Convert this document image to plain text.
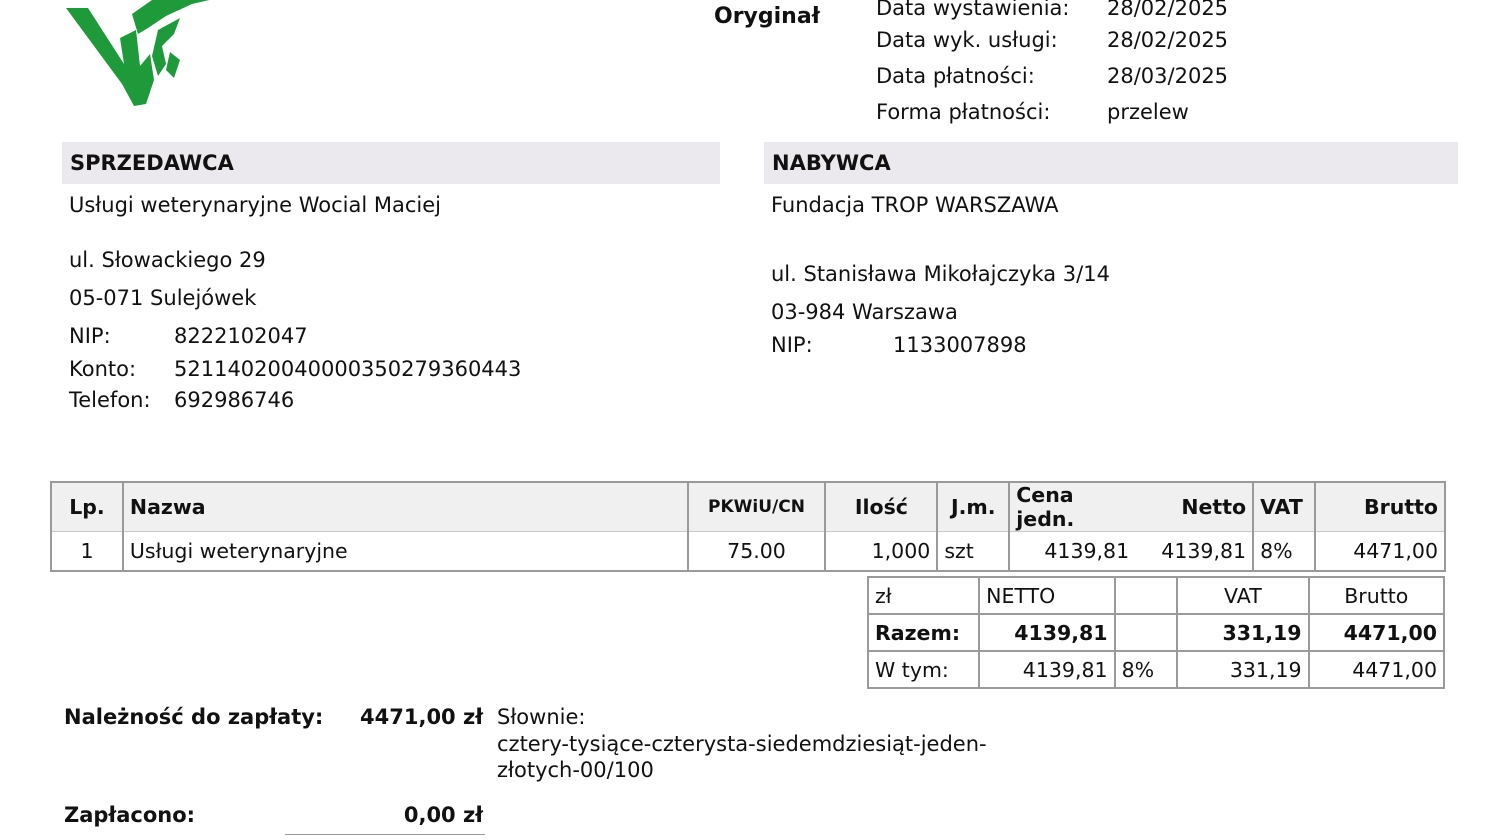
Oryginał	Data wystawienia: 28/02/2025
Data wyk. usługi: 28/02/2025
Data płatności:	28/03/2025
Forma płatności:	przelew
SPRZEDAWCA
Usługi weterynaryjne Wocial Maciej
ul. Słowackiego 29
05-071 Sulejówek
NIP:	8222102047
Konto: 52114020040000350279360443
Telefon: 692986746
NABYWCA
Fundacja TROP WARSZAWA
ul. Stanisława Mikołajczyka 3/14
03-984 Warszawa
NIP:	1133007898
Lp.	Nazwa	PKWiU/CN	Ilość	J.m.	Cena jedn.	Netto	VAT	Brutto
1	Usługi weterynaryjne	75.00	1,000	szt	4139,81	4139,81	8%	4471,00
zł	NETTO		VAT	Brutto
Razem:	4139,81		331,19	4471,00
W tym:	4139,81	8%	331,19	4471,00
Należność do zapłaty:	4471,00 zł Słownie:
cztery-tysiące-czterysta-siedemdziesiąt-jeden-
złotych-00/100
Zapłacono:	0,00 zł
